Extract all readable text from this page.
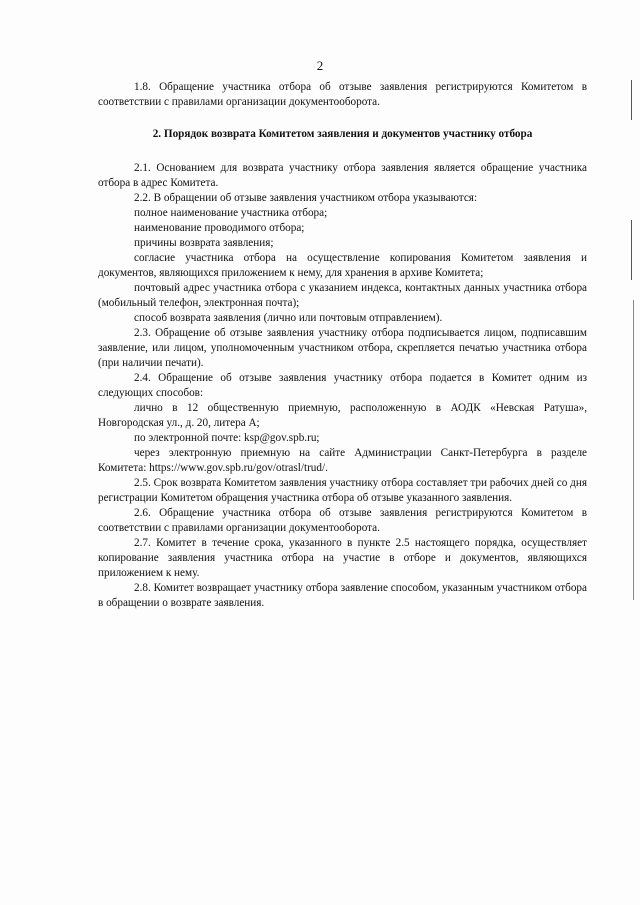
2

1.8. Обращение участника отбора об отзыве заявления регистрируются Комитетом в соответствии с правилами организации документооборота.

2. Порядок возврата Комитетом заявления и документов участнику отбора

2.1. Основанием для возврата участнику отбора заявления является обращение участника отбора в адрес Комитета.

2.2. В обращении об отзыве заявления участником отбора указываются:

полное наименование участника отбора;

наименование проводимого отбора;

причины возврата заявления;

согласие участника отбора на осуществление копирования Комитетом заявления и документов, являющихся приложением к нему, для хранения в архиве Комитета;

почтовый адрес участника отбора с указанием индекса, контактных данных участника отбора (мобильный телефон, электронная почта);

способ возврата заявления (лично или почтовым отправлением).

2.3. Обращение об отзыве заявления участнику отбора подписывается лицом, подписавшим заявление, или лицом, уполномоченным участником отбора, скрепляется печатью участника отбора (при наличии печати).

2.4. Обращение об отзыве заявления участнику отбора подается в Комитет одним из следующих способов:

лично в 12 общественную приемную, расположенную в АОДК «Невская Ратуша», Новгородская ул., д. 20, литера А;

по электронной почте: ksp@gov.spb.ru;

через электронную приемную на сайте Администрации Санкт-Петербурга в разделе Комитета: https://www.gov.spb.ru/gov/otrasl/trud/.

2.5. Срок возврата Комитетом заявления участнику отбора составляет три рабочих дней со дня регистрации Комитетом обращения участника отбора об отзыве указанного заявления.

2.6. Обращение участника отбора об отзыве заявления регистрируются Комитетом в соответствии с правилами организации документооборота.

2.7. Комитет в течение срока, указанного в пункте 2.5 настоящего порядка, осуществляет копирование заявления участника отбора на участие в отборе и документов, являющихся приложением к нему.

2.8. Комитет возвращает участнику отбора заявление способом, указанным участником отбора в обращении о возврате заявления.
